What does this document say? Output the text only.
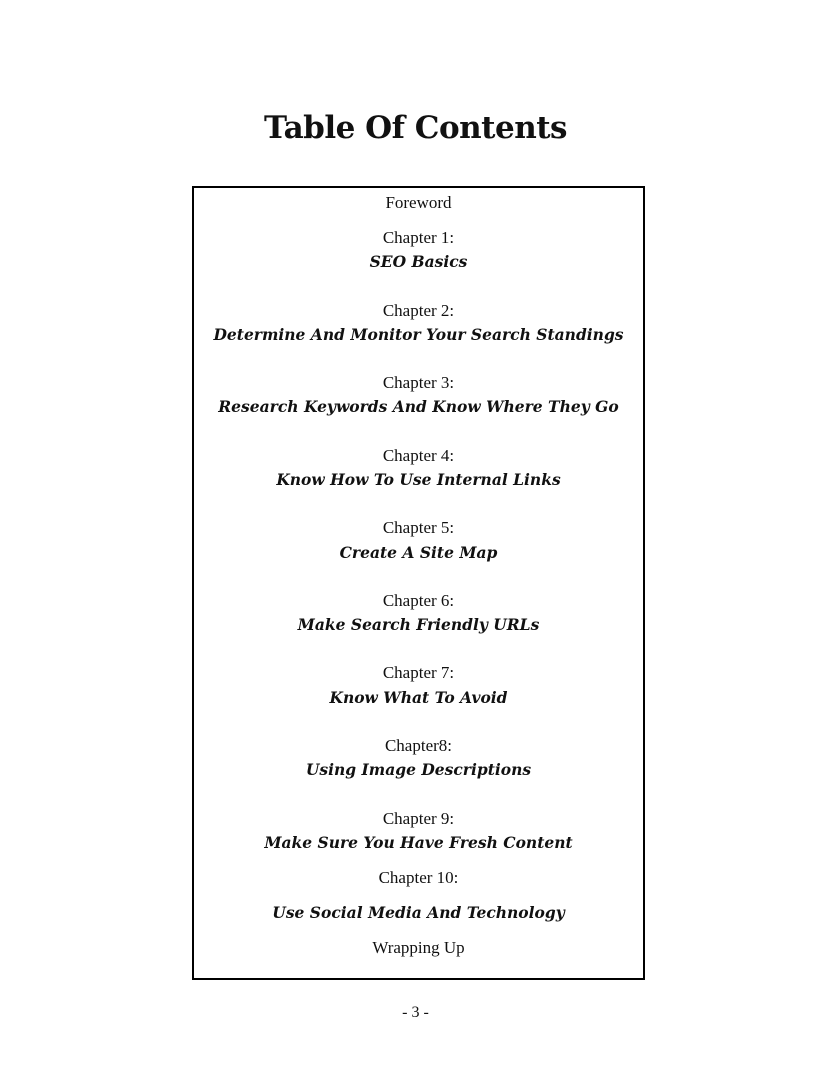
Table Of Contents
Foreword
Chapter 1:
SEO Basics
Chapter 2:
Determine And Monitor Your Search Standings
Chapter 3:
Research Keywords And Know Where They Go
Chapter 4:
Know How To Use Internal Links
Chapter 5:
Create A Site Map
Chapter 6:
Make Search Friendly URLs
Chapter 7:
Know What To Avoid
Chapter8:
Using Image Descriptions
Chapter 9:
Make Sure You Have Fresh Content
Chapter 10:
Use Social Media And Technology
Wrapping Up
- 3 -
